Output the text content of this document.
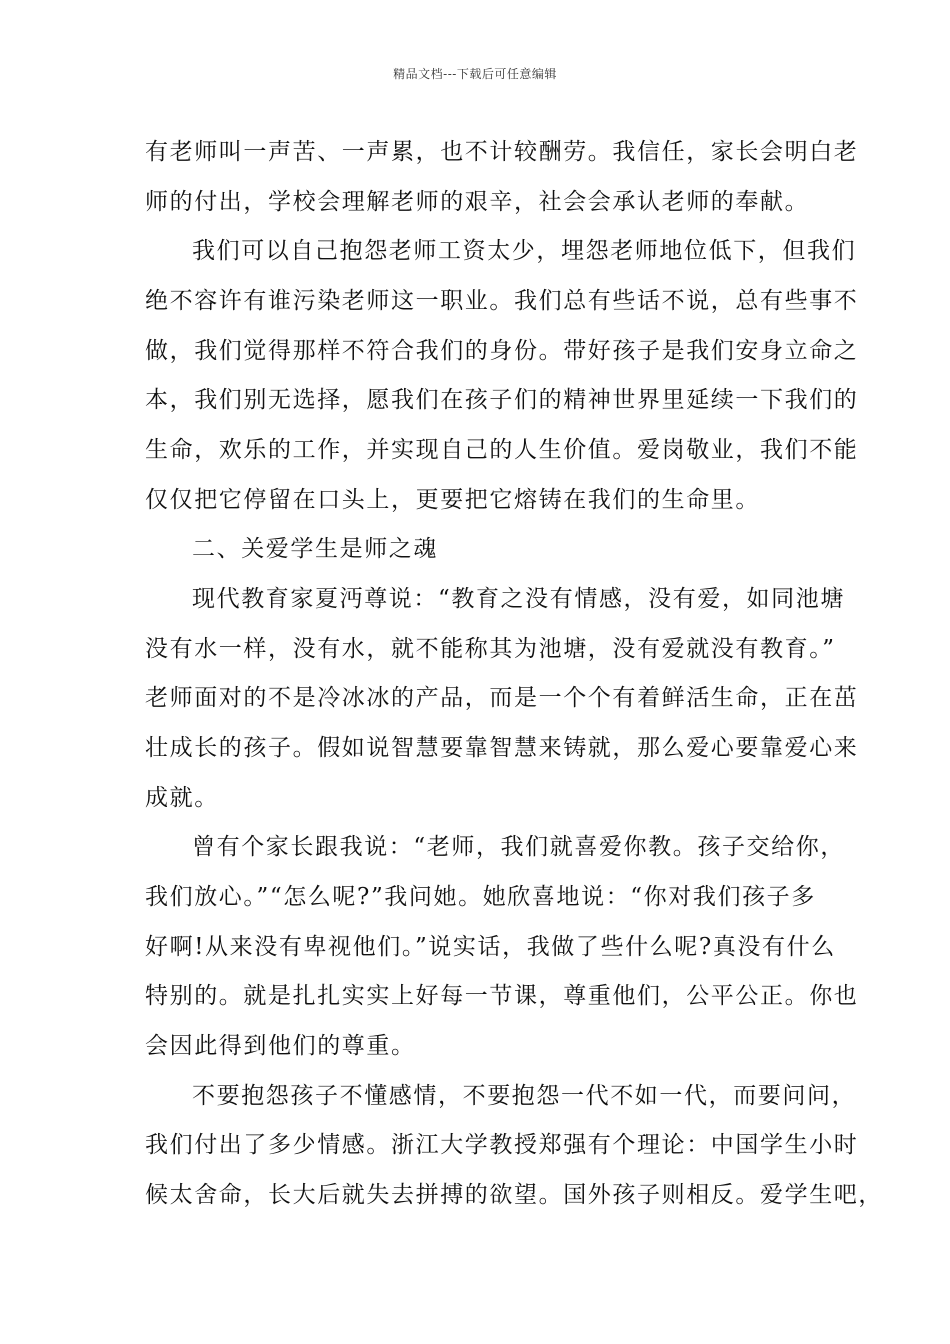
精品文档---下载后可任意编辑
有老师叫一声苦、一声累，也不计较酬劳。我信任，家长会明白老
师的付出，学校会理解老师的艰辛，社会会承认老师的奉献。
我们可以自己抱怨老师工资太少，埋怨老师地位低下，但我们
绝不容许有谁污染老师这一职业。我们总有些话不说，总有些事不
做，我们觉得那样不符合我们的身份。带好孩子是我们安身立命之
本，我们别无选择，愿我们在孩子们的精神世界里延续一下我们的
生命，欢乐的工作，并实现自己的人生价值。爱岗敬业，我们不能
仅仅把它停留在口头上，更要把它熔铸在我们的生命里。
二、关爱学生是师之魂
现代教育家夏沔尊说：“教育之没有情感，没有爱，如同池塘
没有水一样，没有水，就不能称其为池塘，没有爱就没有教育。”
老师面对的不是冷冰冰的产品，而是一个个有着鲜活生命，正在茁
壮成长的孩子。假如说智慧要靠智慧来铸就，那么爱心要靠爱心来
成就。
曾有个家长跟我说：“老师，我们就喜爱你教。孩子交给你，
我们放心。”“怎么呢?”我问她。她欣喜地说：“你对我们孩子多
好啊!从来没有卑视他们。”说实话，我做了些什么呢?真没有什么
特别的。就是扎扎实实上好每一节课，尊重他们，公平公正。你也
会因此得到他们的尊重。
不要抱怨孩子不懂感情，不要抱怨一代不如一代，而要问问，
我们付出了多少情感。浙江大学教授郑强有个理论：中国学生小时
候太舍命，长大后就失去拼搏的欲望。国外孩子则相反。爱学生吧，
